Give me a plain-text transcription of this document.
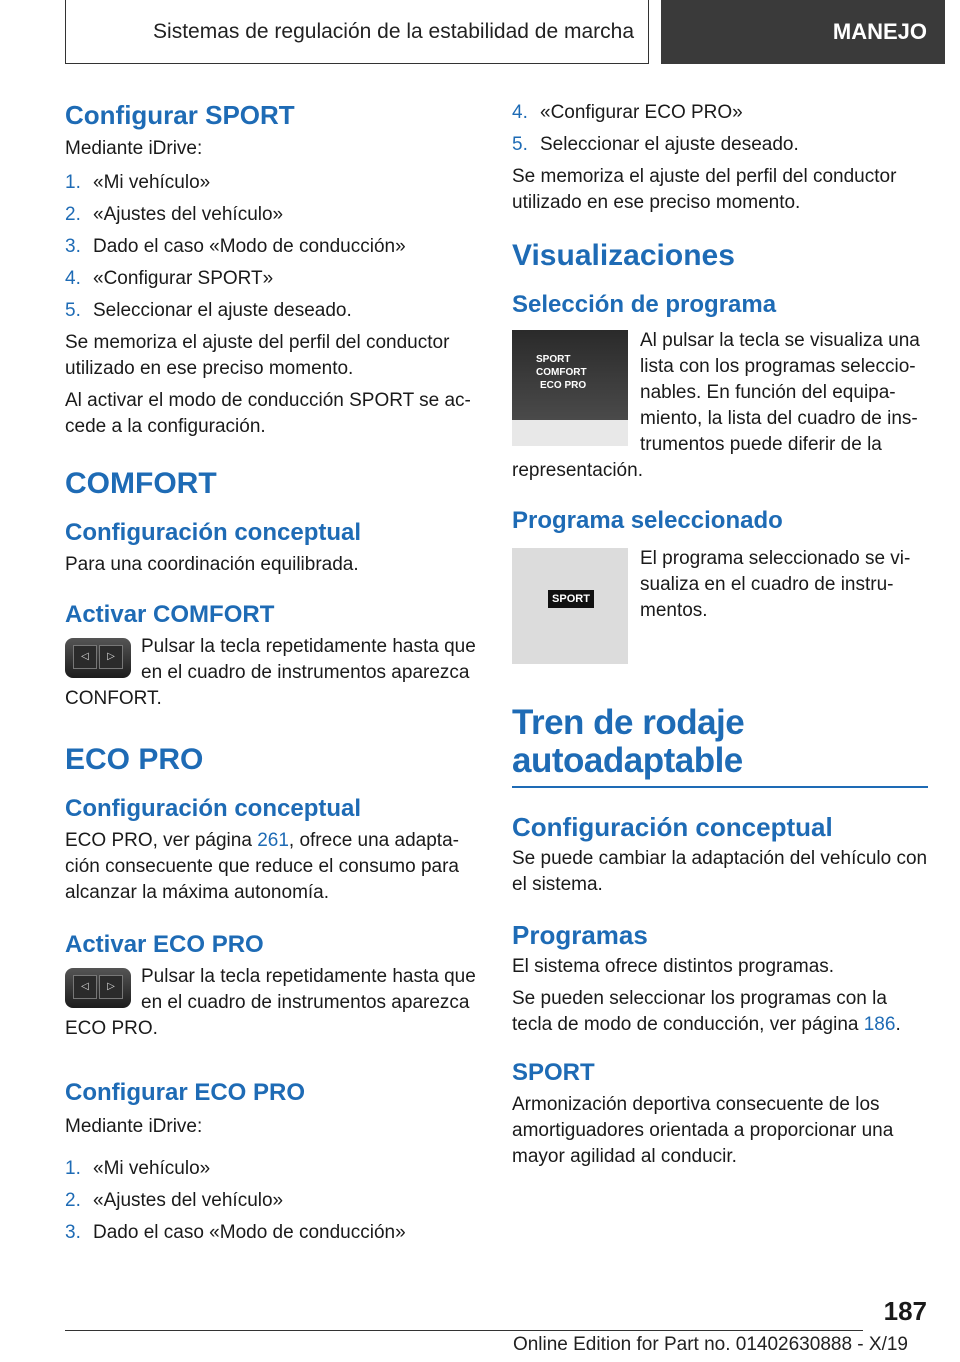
Sistemas de regulación de la estabilidad de marcha	MANEJO
Configurar SPORT

Mediante iDrive:

1. «Mi vehículo»
2. «Ajustes del vehículo»
3. Dado el caso «Modo de conducción»
4. «Configurar SPORT»
5. Seleccionar el ajuste deseado.

Se memoriza el ajuste del perfil del conductor utilizado en ese preciso momento.

Al activar el modo de conducción SPORT se ac-cede a la configuración.

COMFORT
Configuración conceptual

Para una coordinación equilibrada.

Activar COMFORT
◁	▷	Pulsar la tecla repetidamente hasta que en el cuadro de instrumentos aparezca CONFORT.

ECO PRO
Configuración conceptual

ECO PRO, ver página 261, ofrece una adapta-ción consecuente que reduce el consumo para alcanzar la máxima autonomía.

Activar ECO PRO
◁	▷	Pulsar la tecla repetidamente hasta que en el cuadro de instrumentos aparezca ECO PRO.

Configurar ECO PRO

Mediante iDrive:

1. «Mi vehículo»
2. «Ajustes del vehículo»
3. Dado el caso «Modo de conducción»
4. «Configurar ECO PRO»
5. Seleccionar el ajuste deseado.

Se memoriza el ajuste del perfil del conductor utilizado en ese preciso momento.

Visualizaciones
Selección de programa
SPORT
COMFORT
ECO PRO

Al pulsar la tecla se visualiza una lista con los programas seleccio-nables. En función del equipa-miento, la lista del cuadro de ins-trumentos puede diferir de la representación.

Programa seleccionado
SPORT

El programa seleccionado se vi-sualiza en el cuadro de instru-mentos.

Tren de rodaje
autoadaptable
Configuración conceptual

Se puede cambiar la adaptación del vehículo con el sistema.

Programas

El sistema ofrece distintos programas.

Se pueden seleccionar los programas con la tecla de modo de conducción, ver página 186.

SPORT

Armonización deportiva consecuente de los amortiguadores orientada a proporcionar una mayor agilidad al conducir.

187
Online Edition for Part no. 01402630888 - X/19
